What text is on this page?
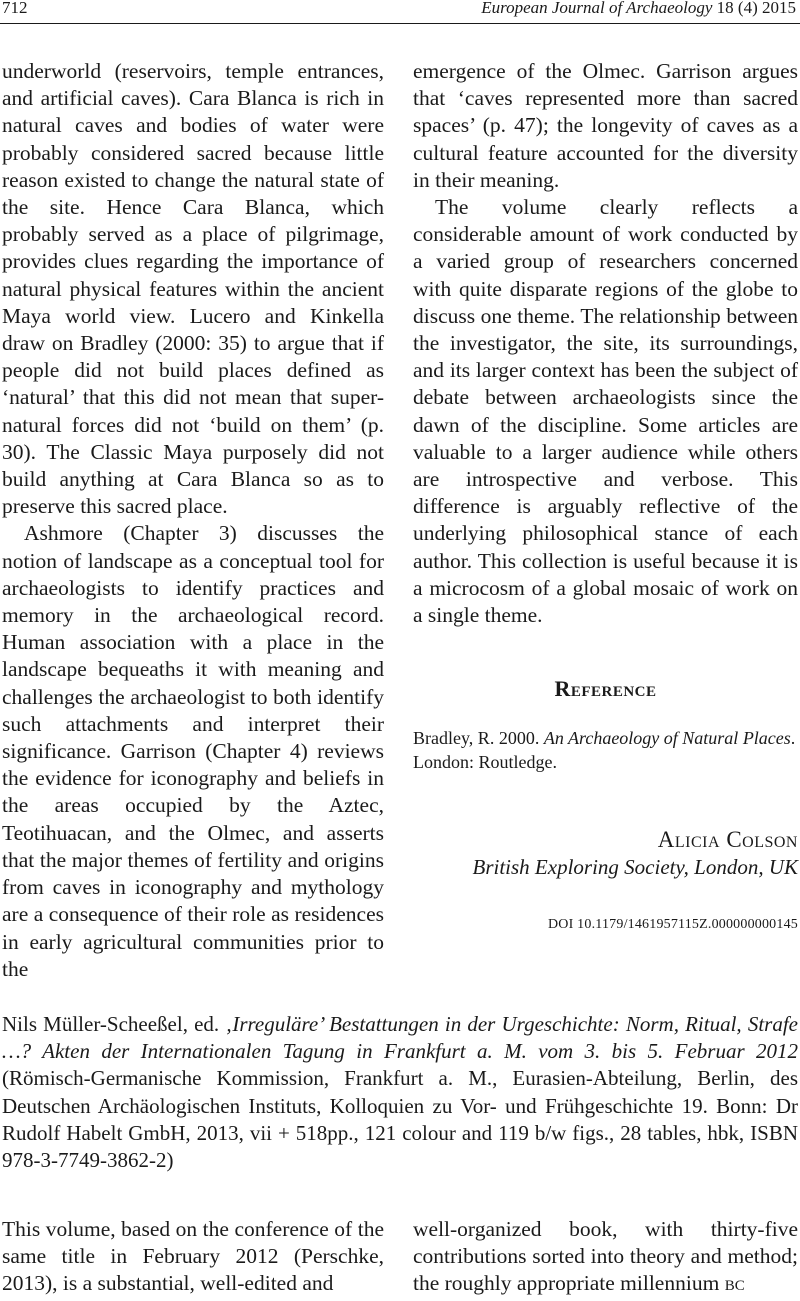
712	European Journal of Archaeology 18 (4) 2015

underworld (reservoirs, temple entrances, and artificial caves). Cara Blanca is rich in natural caves and bodies of water were probably considered sacred because little reason existed to change the natural state of the site. Hence Cara Blanca, which probably served as a place of pilgrimage, provides clues regarding the importance of natural physical features within the ancient Maya world view. Lucero and Kinkella draw on Bradley (2000: 35) to argue that if people did not build places defined as ‘natural’ that this did not mean that super-natural forces did not ‘build on them’ (p. 30). The Classic Maya purposely did not build anything at Cara Blanca so as to preserve this sacred place.

Ashmore (Chapter 3) discusses the notion of landscape as a conceptual tool for archaeologists to identify practices and memory in the archaeological record. Human association with a place in the landscape bequeaths it with meaning and challenges the archaeologist to both identify such attachments and interpret their significance. Garrison (Chapter 4) reviews the evidence for iconography and beliefs in the areas occupied by the Aztec, Teotihuacan, and the Olmec, and asserts that the major themes of fertility and origins from caves in iconography and mythology are a consequence of their role as residences in early agricultural communities prior to the

emergence of the Olmec. Garrison argues that ‘caves represented more than sacred spaces’ (p. 47); the longevity of caves as a cultural feature accounted for the diversity in their meaning.

The volume clearly reflects a considerable amount of work conducted by a varied group of researchers concerned with quite disparate regions of the globe to discuss one theme. The relationship between the investigator, the site, its surroundings, and its larger context has been the subject of debate between archaeologists since the dawn of the discipline. Some articles are valuable to a larger audience while others are introspective and verbose. This difference is arguably reflective of the underlying philosophical stance of each author. This collection is useful because it is a microcosm of a global mosaic of work on a single theme.

Reference
Bradley, R. 2000. An Archaeology of Natural Places. London: Routledge.
Alicia Colson
British Exploring Society, London, UK
DOI 10.1179/1461957115Z.000000000145
Nils Müller-Scheeßel, ed. ‚Irreguläre’ Bestattungen in der Urgeschichte: Norm, Ritual, Strafe …? Akten der Internationalen Tagung in Frankfurt a. M. vom 3. bis 5. Februar 2012 (Römisch-Germanische Kommission, Frankfurt a. M., Eurasien-Abteilung, Berlin, des Deutschen Archäologischen Instituts, Kolloquien zu Vor- und Frühgeschichte 19. Bonn: Dr Rudolf Habelt GmbH, 2013, vii + 518pp., 121 colour and 119 b/w figs., 28 tables, hbk, ISBN 978-3-7749-3862-2)
This volume, based on the conference of the same title in February 2012 (Perschke, 2013), is a substantial, well-edited and
well-organized book, with thirty-five contributions sorted into theory and method; the roughly appropriate millennium bc
